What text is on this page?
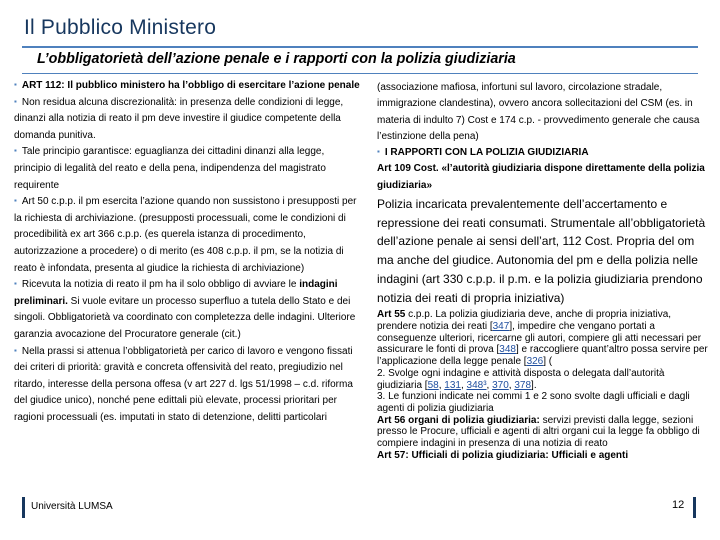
Il Pubblico Ministero
L’obbligatorietà dell’azione penale e i rapporti con la polizia giudiziaria

▪ ART 112: Il pubblico ministero ha l’obbligo di esercitare l’azione penale

▪ Non residua alcuna discrezionalità: in presenza delle condizioni di legge, dinanzi alla notizia di reato il pm deve investire il giudice competente della domanda punitiva.

▪ Tale principio garantisce: eguaglianza dei cittadini dinanzi alla legge, principio di legalità del reato e della pena, indipendenza del magistrato requirente

▪ Art 50 c.p.p. il pm esercita l’azione quando non sussistono i presupposti per la richiesta di archiviazione. (presupposti processuali, come le condizioni di procedibilità ex art 366 c.p.p. (es querela istanza di procedimento, autorizzazione a procedere) o di merito (es 408 c.p.p. il pm, se la notizia di reato è infondata, presenta al giudice la richiesta di archiviazione)

▪ Ricevuta la notizia di reato il pm ha il solo obbligo di avviare le indagini preliminari. Si vuole evitare un processo superfluo a tutela dello Stato e dei singoli. Obbligatorietà va coordinato con completezza delle indagini. Ulteriore garanzia avocazione del Procuratore generale (cit.)

▪ Nella prassi si attenua l’obbligatorietà per carico di lavoro e vengono fissati dei criteri di priorità: gravità e concreta offensività del reato, pregiudizio nel ritardo, interesse della persona offesa (v art 227 d. lgs 51/1998 – c.d. riforma del giudice unico), nonché pene edittali più elevate, processi prioritari per ragioni processuali (es. imputati in stato di detenzione, delitti particolari

(associazione mafiosa, infortuni sul lavoro, circolazione stradale, immigrazione clandestina), ovvero ancora sollecitazioni del CSM (es. in materia di indulto 7) Cost e 174 c.p. - provvedimento generale che causa l’estinzione della pena)

▪ I RAPPORTI CON LA POLIZIA GIUDIZIARIA

Art 109 Cost. «l’autorità giudiziaria dispone direttamente della polizia giudiziaria»

Polizia incaricata prevalentemente dell’accertamento e repressione dei reati consumati. Strumentale all’obbligatorietà dell’azione penale ai sensi dell’art, 112 Cost. Propria del om ma anche del giudice. Autonomia del pm e della polizia nelle indagini (art 330 c.p.p. il p.m. e la polizia giudiziaria prendono notizia dei reati di propria iniziativa)

Art 55 c.p.p. La polizia giudiziaria deve, anche di propria iniziativa, prendere notizia dei reati [347], impedire che vengano portati a conseguenze ulteriori, ricercarne gli autori, compiere gli atti necessari per assicurare le fonti di prova [348] e raccogliere quant’altro possa servire per l’applicazione della legge penale [326] (
2. Svolge ogni indagine e attività disposta o delegata dall’autorità giudiziaria [58, 131, 348³, 370, 378].
3. Le funzioni indicate nei commi 1 e 2 sono svolte dagli ufficiali e dagli agenti di polizia giudiziaria
Art 56 organi di polizia giudiziaria: servizi previsti dalla legge, sezioni presso le Procure, ufficiali e agenti di altri organi cui la legge fa obbligo di compiere indagini in presenza di una notizia di reato
Art 57: Ufficiali di polizia giudiziaria: Ufficiali e agenti

Università LUMSA	12
